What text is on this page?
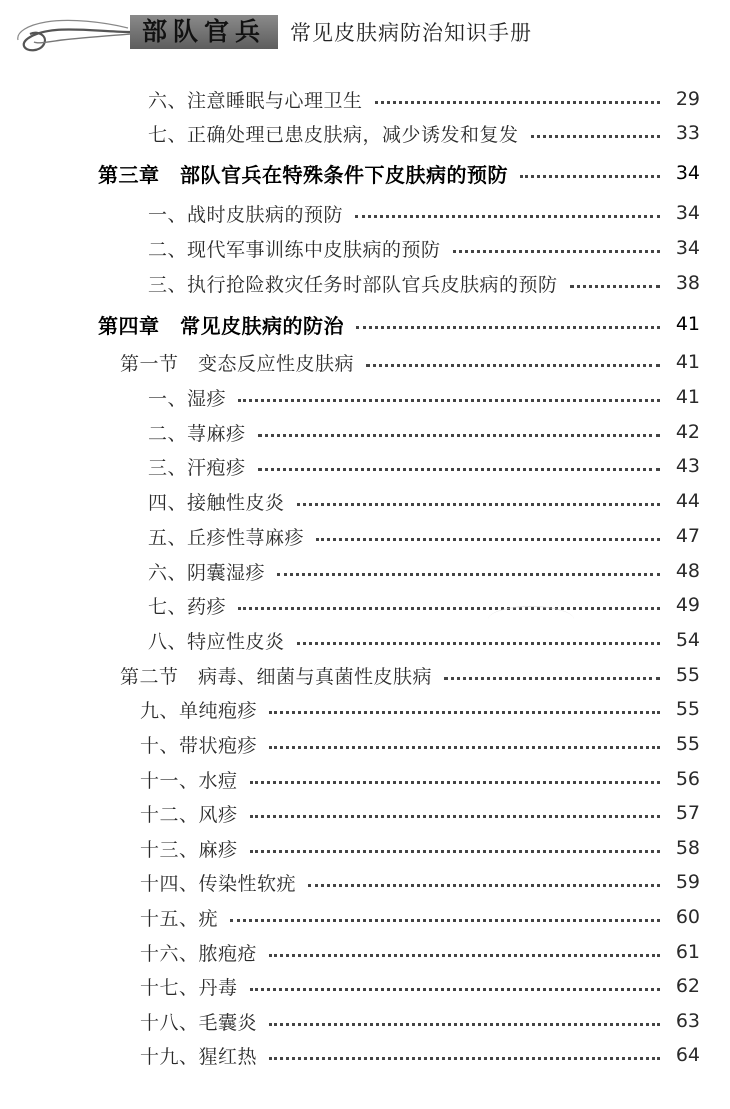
部队官兵	常见皮肤病防治知识手册
六、注意睡眠与心理卫生	29
七、正确处理已患皮肤病，减少诱发和复发	33
第三章　部队官兵在特殊条件下皮肤病的预防	34
一、战时皮肤病的预防	34
二、现代军事训练中皮肤病的预防	34
三、执行抢险救灾任务时部队官兵皮肤病的预防	38
第四章　常见皮肤病的防治	41
第一节　变态反应性皮肤病	41
一、湿疹	41
二、荨麻疹	42
三、汗疱疹	43
四、接触性皮炎	44
五、丘疹性荨麻疹	47
六、阴囊湿疹	48
七、药疹	49
八、特应性皮炎	54
第二节　病毒、细菌与真菌性皮肤病	55
九、单纯疱疹	55
十、带状疱疹	55
十一、水痘	56
十二、风疹	57
十三、麻疹	58
十四、传染性软疣	59
十五、疣	60
十六、脓疱疮	61
十七、丹毒	62
十八、毛囊炎	63
十九、猩红热	64
